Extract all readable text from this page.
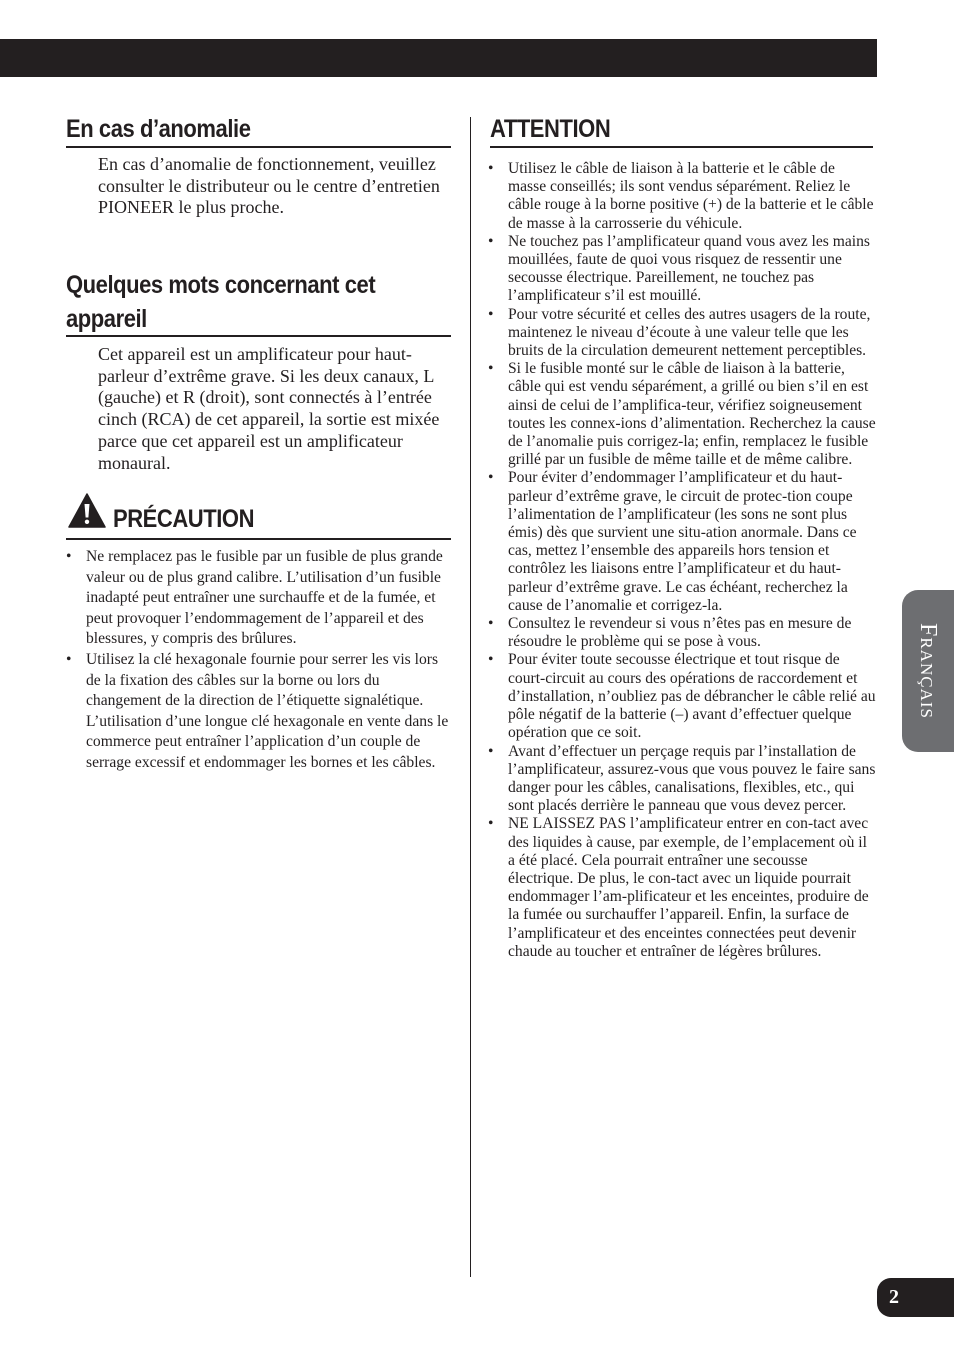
En cas d’anomalie

En cas d’anomalie de fonctionnement, veuillez consulter le distributeur ou le centre d’entretien PIONEER le plus proche.

Quelques mots concernant cet appareil

Cet appareil est un amplificateur pour haut-parleur d’extrême grave. Si les deux canaux, L (gauche) et R (droit), sont connectés à l’entrée cinch (RCA) de cet appareil, la sortie est mixée parce que cet appareil est un amplificateur monaural.

PRÉCAUTION
• Ne remplacez pas le fusible par un fusible de plus grande valeur ou de plus grand calibre. L’utilisation d’un fusible inadapté peut entraîner une surchauffe et de la fumée, et peut provoquer l’endommagement de l’appareil et des blessures, y compris des brûlures.
• Utilisez la clé hexagonale fournie pour serrer les vis lors de la fixation des câbles sur la borne ou lors du changement de la direction de l’étiquette signalétique. L’utilisation d’une longue clé hexagonale en vente dans le commerce peut entraîner l’application d’un couple de serrage excessif et endommager les bornes et les câbles.
ATTENTION
• Utilisez le câble de liaison à la batterie et le câble de masse conseillés; ils sont vendus séparément. Reliez le câble rouge à la borne positive (+) de la batterie et le câble de masse à la carrosserie du véhicule.
• Ne touchez pas l’amplificateur quand vous avez les mains mouillées, faute de quoi vous risquez de ressentir une secousse électrique. Pareillement, ne touchez pas l’amplificateur s’il est mouillé.
• Pour votre sécurité et celles des autres usagers de la route, maintenez le niveau d’écoute à une valeur telle que les bruits de la circulation demeurent nettement perceptibles.
• Si le fusible monté sur le câble de liaison à la batterie, câble qui est vendu séparément, a grillé ou bien s’il en est ainsi de celui de l’amplifica-teur, vérifiez soigneusement toutes les connex-ions d’alimentation. Recherchez la cause de l’anomalie puis corrigez-la; enfin, remplacez le fusible grillé par un fusible de même taille et de même calibre.
• Pour éviter d’endommager l’amplificateur et du haut-parleur d’extrême grave, le circuit de protec-tion coupe l’alimentation de l’amplificateur (les sons ne sont plus émis) dès que survient une situ-ation anormale. Dans ce cas, mettez l’ensemble des appareils hors tension et contrôlez les liaisons entre l’amplificateur et du haut-parleur d’extrême grave. Le cas échéant, recherchez la cause de l’anomalie et corrigez-la.
• Consultez le revendeur si vous n’êtes pas en mesure de résoudre le problème qui se pose à vous.
• Pour éviter toute secousse électrique et tout risque de court-circuit au cours des opérations de raccordement et d’installation, n’oubliez pas de débrancher le câble relié au pôle négatif de la batterie (–) avant d’effectuer quelque opération que ce soit.
• Avant d’effectuer un perçage requis par l’installation de l’amplificateur, assurez-vous que vous pouvez le faire sans danger pour les câbles, canalisations, flexibles, etc., qui sont placés derrière le panneau que vous devez percer.
• NE LAISSEZ PAS l’amplificateur entrer en con-tact avec des liquides à cause, par exemple, de l’emplacement où il a été placé. Cela pourrait entraîner une secousse électrique. De plus, le con-tact avec un liquide pourrait endommager l’am-plificateur et les enceintes, produire de la fumée ou surchauffer l’appareil. Enfin, la surface de l’amplificateur et des enceintes connectées peut devenir chaude au toucher et entraîner de légères brûlures.
Français
2
